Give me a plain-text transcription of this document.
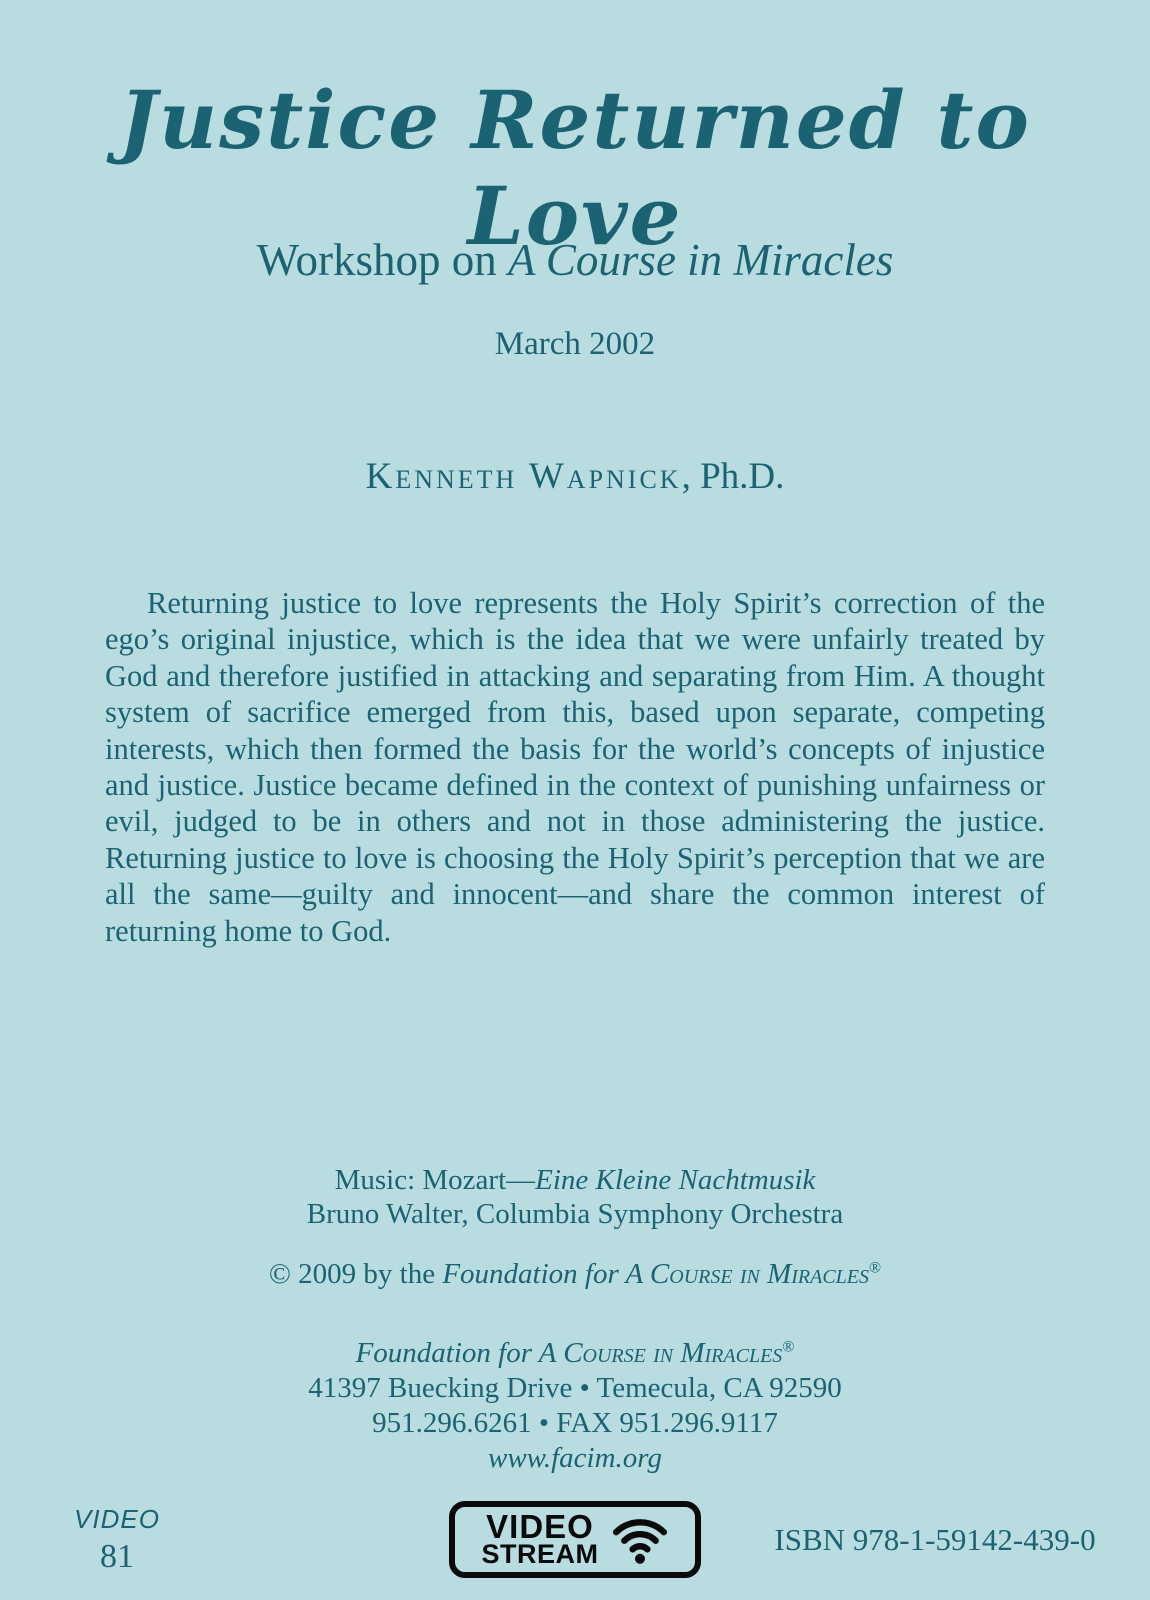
Justice Returned to Love
Workshop on A Course in Miracles
March 2002
Kenneth Wapnick, Ph.D.

Returning justice to love represents the Holy Spirit’s correction of the ego’s original injustice, which is the idea that we were unfairly treated by God and therefore justified in attacking and separating from Him. A thought system of sacrifice emerged from this, based upon separate, competing interests, which then formed the basis for the world’s concepts of injustice and justice. Justice became defined in the context of punishing unfairness or evil, judged to be in others and not in those administering the justice. Returning justice to love is choosing the Holy Spirit’s perception that we are all the same—guilty and innocent—and share the common interest of returning home to God.

Music: Mozart—Eine Kleine Nachtmusik
Bruno Walter, Columbia Symphony Orchestra
© 2009 by the Foundation for A Course in Miracles®
Foundation for A Course in Miracles®
41397 Buecking Drive • Temecula, CA 92590
951.296.6261 • FAX 951.296.9117
www.facim.org
VIDEO
81
VIDEO
STREAM	ISBN 978-1-59142-439-0
